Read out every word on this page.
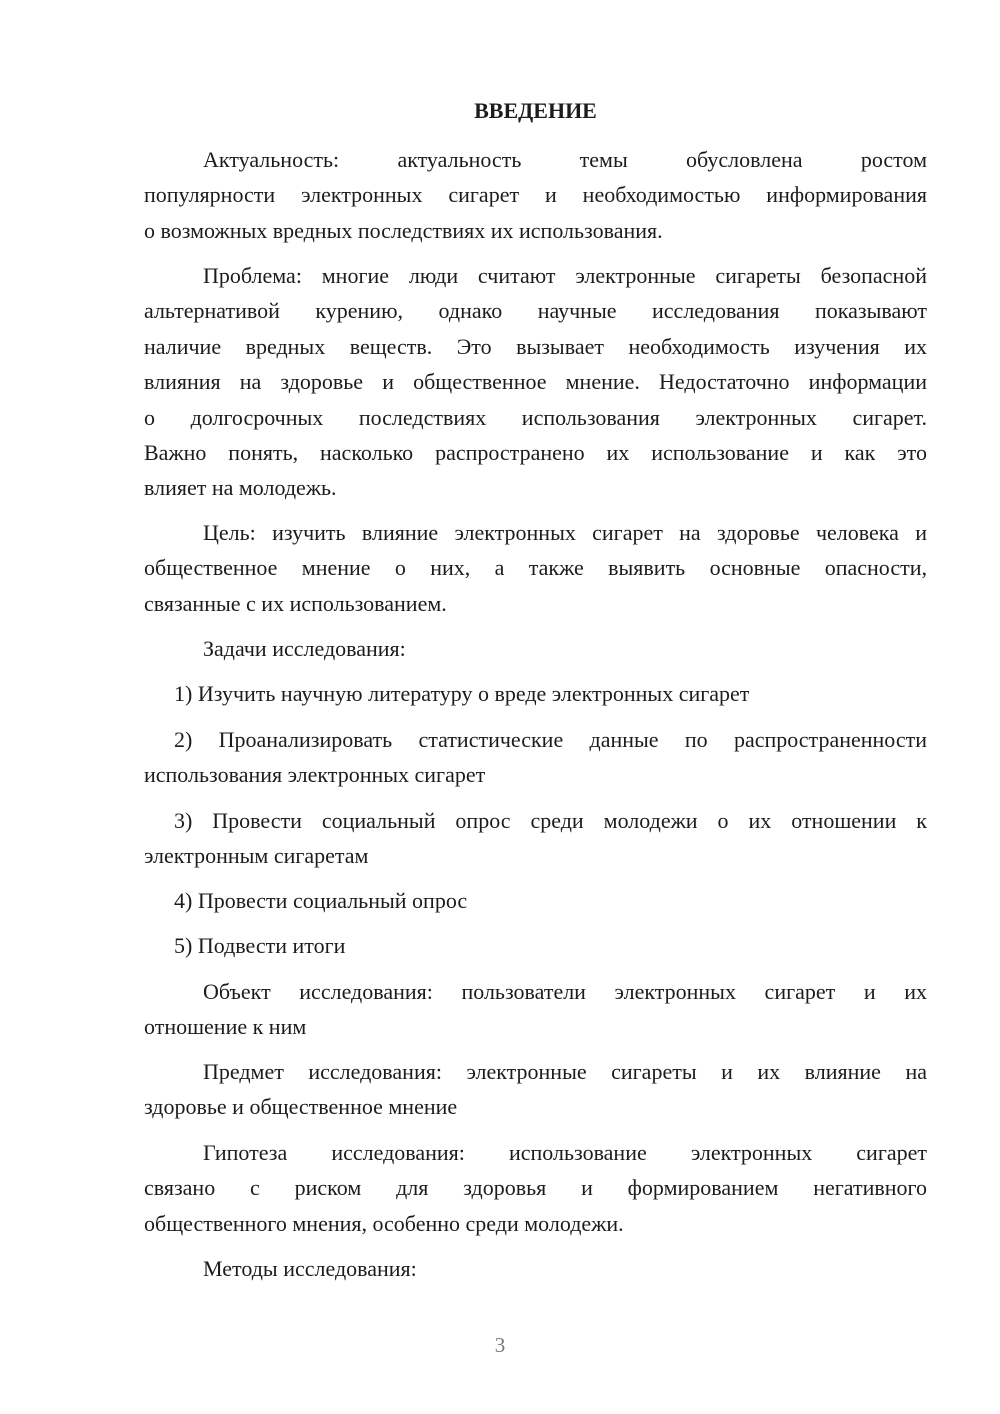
ВВЕДЕНИЕ
Актуальность: актуальность темы обусловлена ростом
популярности электронных сигарет и необходимостью информирования
о возможных вредных последствиях их использования.
Проблема: многие люди считают электронные сигареты безопасной
альтернативой курению, однако научные исследования показывают
наличие вредных веществ. Это вызывает необходимость изучения их
влияния на здоровье и общественное мнение. Недостаточно информации
о долгосрочных последствиях использования электронных сигарет.
Важно понять, насколько распространено их использование и как это
влияет на молодежь.
Цель: изучить влияние электронных сигарет на здоровье человека и
общественное мнение о них, а также выявить основные опасности,
связанные с их использованием.
Задачи исследования:
1) Изучить научную литературу о вреде электронных сигарет
2) Проанализировать статистические данные по распространенности
использования электронных сигарет
3) Провести социальный опрос среди молодежи о их отношении к
электронным сигаретам
4) Провести социальный опрос
5) Подвести итоги
Объект исследования: пользователи электронных сигарет и их
отношение к ним
Предмет исследования: электронные сигареты и их влияние на
здоровье и общественное мнение
Гипотеза исследования: использование электронных сигарет
связано с риском для здоровья и формированием негативного
общественного мнения, особенно среди молодежи.
Методы исследования:
3
